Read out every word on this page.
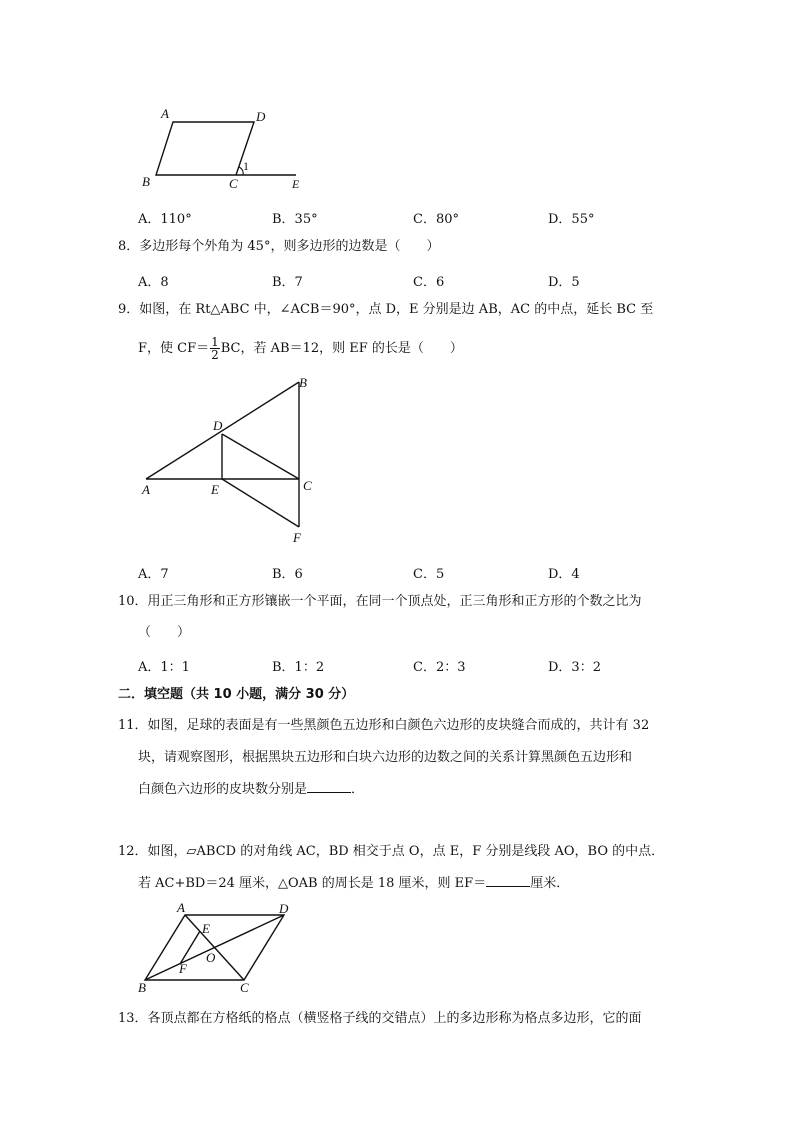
A	D
B	C	E
1
A．110°	B．35°	C．80°	D．55°
8．多边形每个外角为 45°，则多边形的边数是（　　）
A．8	B．7	C．6	D．5
9．如图，在 Rt△ABC 中，∠ACB＝90°，点 D，E 分别是边 AB，AC 的中点，延长 BC 至
F，使 $CF= \frac{1}{2}$ BC，若 AB＝12，则 EF 的长是（　　）
B
D
A	E	C
F
A．7	B．6	C．5	D．4
10．用正三角形和正方形镶嵌一个平面，在同一个顶点处，正三角形和正方形的个数之比为
（　　）
A．1：1	B．1：2	C．2：3	D．3：2
二．填空题（共 10 小题，满分 30 分）
11．如图，足球的表面是有一些黑颜色五边形和白颜色六边形的皮块缝合而成的，共计有 32
块，请观察图形，根据黑块五边形和白块六边形的边数之间的关系计算黑颜色五边形和
白颜色六边形的皮块数分别是	．
12．如图，▱ABCD 的对角线 AC，BD 相交于点 O，点 E，F 分别是线段 AO，BO 的中点．
若 AC+BD＝24 厘米，△OAB 的周长是 18 厘米，则 EF＝	厘米．
A	D
E
O
F
B	C
13．各顶点都在方格纸的格点（横竖格子线的交错点）上的多边形称为格点多边形，它的面
